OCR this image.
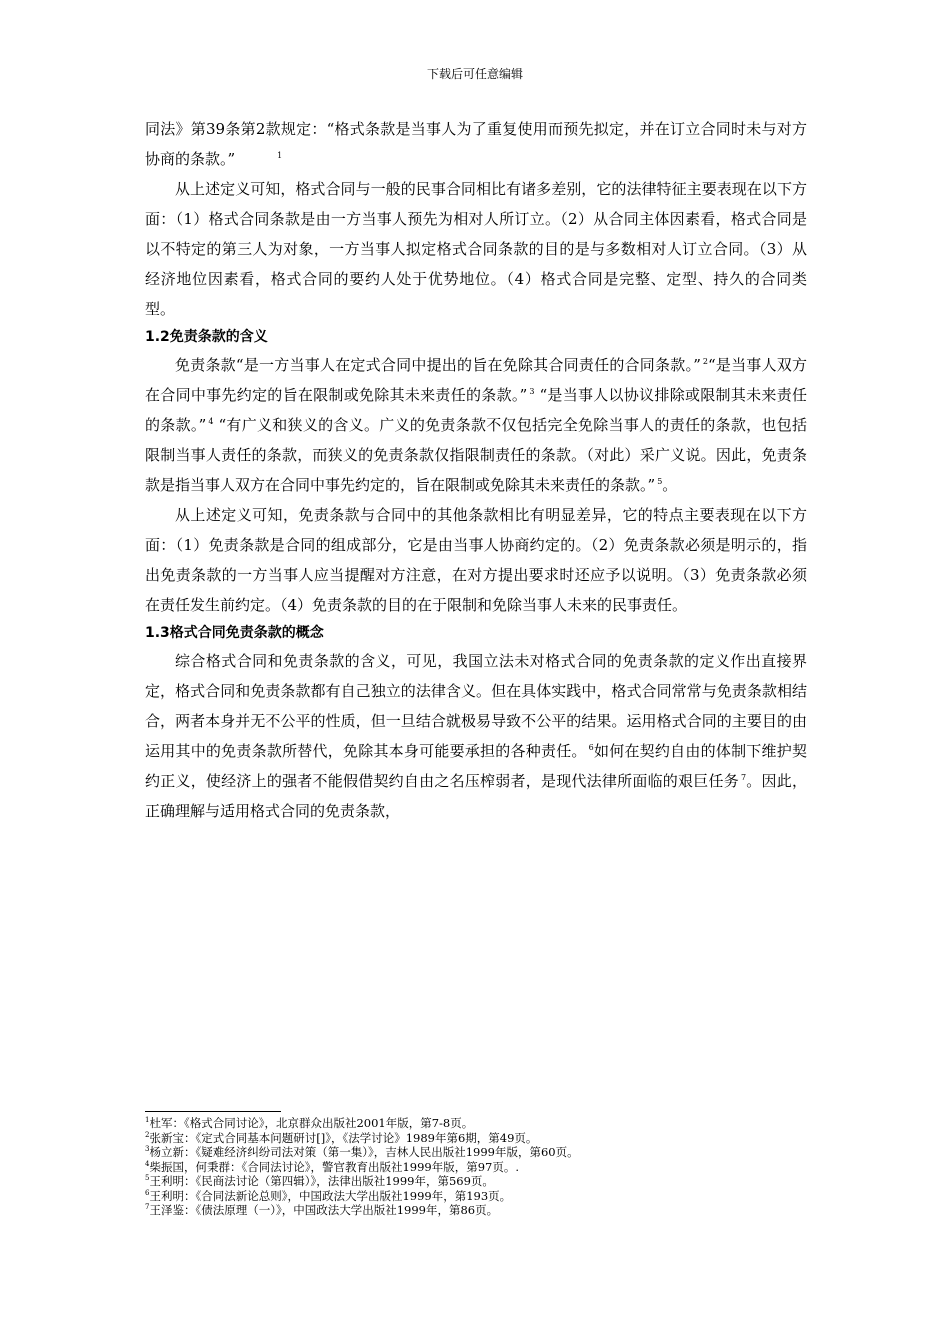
下载后可任意编辑

同法》第39条第2款规定：“格式条款是当事人为了重复使用而预先拟定，并在订立合同时未与对方协商的条款。”	$^1$

从上述定义可知，格式合同与一般的民事合同相比有诸多差别，它的法律特征主要表现在以下方面：（1）格式合同条款是由一方当事人预先为相对人所订立。（2）从合同主体因素看，格式合同是以不特定的第三人为对象，一方当事人拟定格式合同条款的目的是与多数相对人订立合同。（3）从经济地位因素看，格式合同的要约人处于优势地位。（4）格式合同是完整、定型、持久的合同类型。

1.2免责条款的含义

免责条款“是一方当事人在定式合同中提出的旨在免除其合同责任的合同条款。” $^2$“是当事人双方在合同中事先约定的旨在限制或免除其未来责任的条款。” $^3$ “是当事人以协议排除或限制其未来责任的条款。” $^4$ “有广义和狭义的含义。广义的免责条款不仅包括完全免除当事人的责任的条款，也包括限制当事人责任的条款，而狭义的免责条款仅指限制责任的条款。（对此）采广义说。因此，免责条款是指当事人双方在合同中事先约定的，旨在限制或免除其未来责任的条款。” $^5$。

从上述定义可知，免责条款与合同中的其他条款相比有明显差异，它的特点主要表现在以下方面：（1）免责条款是合同的组成部分，它是由当事人协商约定的。（2）免责条款必须是明示的，指出免责条款的一方当事人应当提醒对方注意，在对方提出要求时还应予以说明。（3）免责条款必须在责任发生前约定。（4）免责条款的目的在于限制和免除当事人未来的民事责任。

1.3格式合同免责条款的概念

综合格式合同和免责条款的含义，可见，我国立法未对格式合同的免责条款的定义作出直接界定，格式合同和免责条款都有自己独立的法律含义。但在具体实践中，格式合同常常与免责条款相结合，两者本身并无不公平的性质，但一旦结合就极易导致不公平的结果。运用格式合同的主要目的由运用其中的免责条款所替代，免除其本身可能要承担的各种责任。 $^6$如何在契约自由的体制下维护契约正义，使经济上的强者不能假借契约自由之名压榨弱者，是现代法律所面临的艰巨任务 $^7$。因此，正确理解与适用格式合同的免责条款，

$^1$杜军：《格式合同讨论》，北京群众出版社2001年版，第7-8页。

$^2$张新宝：《定式合同基本问题研讨[]》，《法学讨论》1989年第6期，第49页。

$^3$杨立新：《疑难经济纠纷司法对策（第一集）》，吉林人民出版社1999年版，第60页。

$^4$柴振国，何秉群：《合同法讨论》，警官教育出版社1999年版，第97页。.

$^5$王利明：《民商法讨论（第四辑）》，法律出版社1999年，第569页。

$^6$王利明：《合同法新论总则》，中国政法大学出版社1999年，第193页。

$^7$王泽鉴：《债法原理（一）》，中国政法大学出版社1999年，第86页。
